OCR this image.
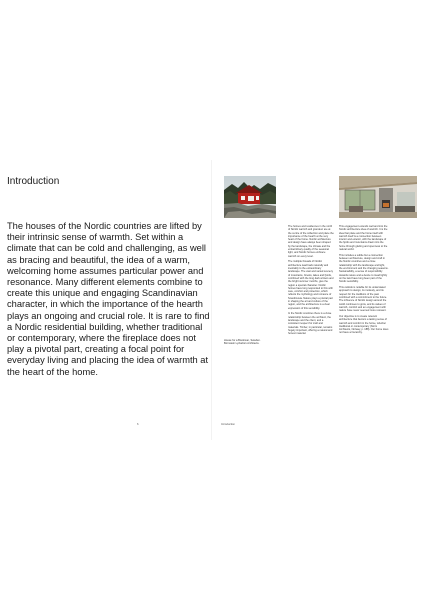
Introduction
The houses of the Nordic countries are lifted by their intrinsic sense of warmth. Set within a climate that can be cold and challenging, as well as bracing and beautiful, the idea of a warm, welcoming home assumes particular power and resonance. Many different elements combine to create this unique and engaging Scandinavian character, in which the importance of the hearth plays an ongoing and crucial role. It is rare to find a Nordic residential building, whether traditional or contemporary, where the fireplace does not play a pivotal part, creating a focal point for everyday living and placing the idea of warmth at the heart of the home.
House for a Bookman, Sweden. Bornstein Lyckefors Architects.
6

The homes and residences in the north of Nordic warmth and grandeur are at the centre of the collection and place the importance of the hearth at the very heart of the home. Nordic architecture and design have always been shaped by the landscape, the climate and the extraordinary quality of the seasonal light, and Nordic homes embrace warmth on every level.

The multiple threads of Nordic architecture lead back naturally and inevitably to the extraordinary landscape. The vast and varied scenery of mountains, forests, lakes and fjords, combined with the long dark winters and the bright summer months, give the region a special character. Nordic homes have long responded to this with care, comfort and protection, which reflects the mythology and romance of Scandinavia. Nature plays a pivotal part in shaping the art and culture of the region, and the architecture is a clear expression of this sensibility.

In the Nordic countries there is a close relationship between the architect, the landscape and the client, and a consistent respect for craft and materials. Timber, in particular, remains hugely important, offering a natural and honest material.

This engagement extends well and into the Nordic architecture idea of warmth. It is the idea that place and the home itself with warmth itself is a connection between interior and exterior, with the landscape of the fjords and mountains drawn into the home through glazing and openness to the natural world.

This includes a subtle but a connection between architecture, design and craft in the Nordic countries and a close relationship with the landscape and light, the environment and the changing seasons. Sustainability, a sense of responsibility towards nature and a desire to tread lightly on the land have long been part of the Nordic sensibility.

This outlook is notable for its understated approach to design, its modesty, and its respect for the traditions of the past combined with a commitment to the future. The influence of Nordic design around the world continues to grow, and its values of warmth, comfort and an engagement with nature have never seemed more relevant.

Our objective is to create relevant architecture that favours a lasting sense of warmth and comfort in the home, whether traditional or contemporary (Norm Architects, Norway, p. 188). Our home does not have a hierarchy.

Introduction
